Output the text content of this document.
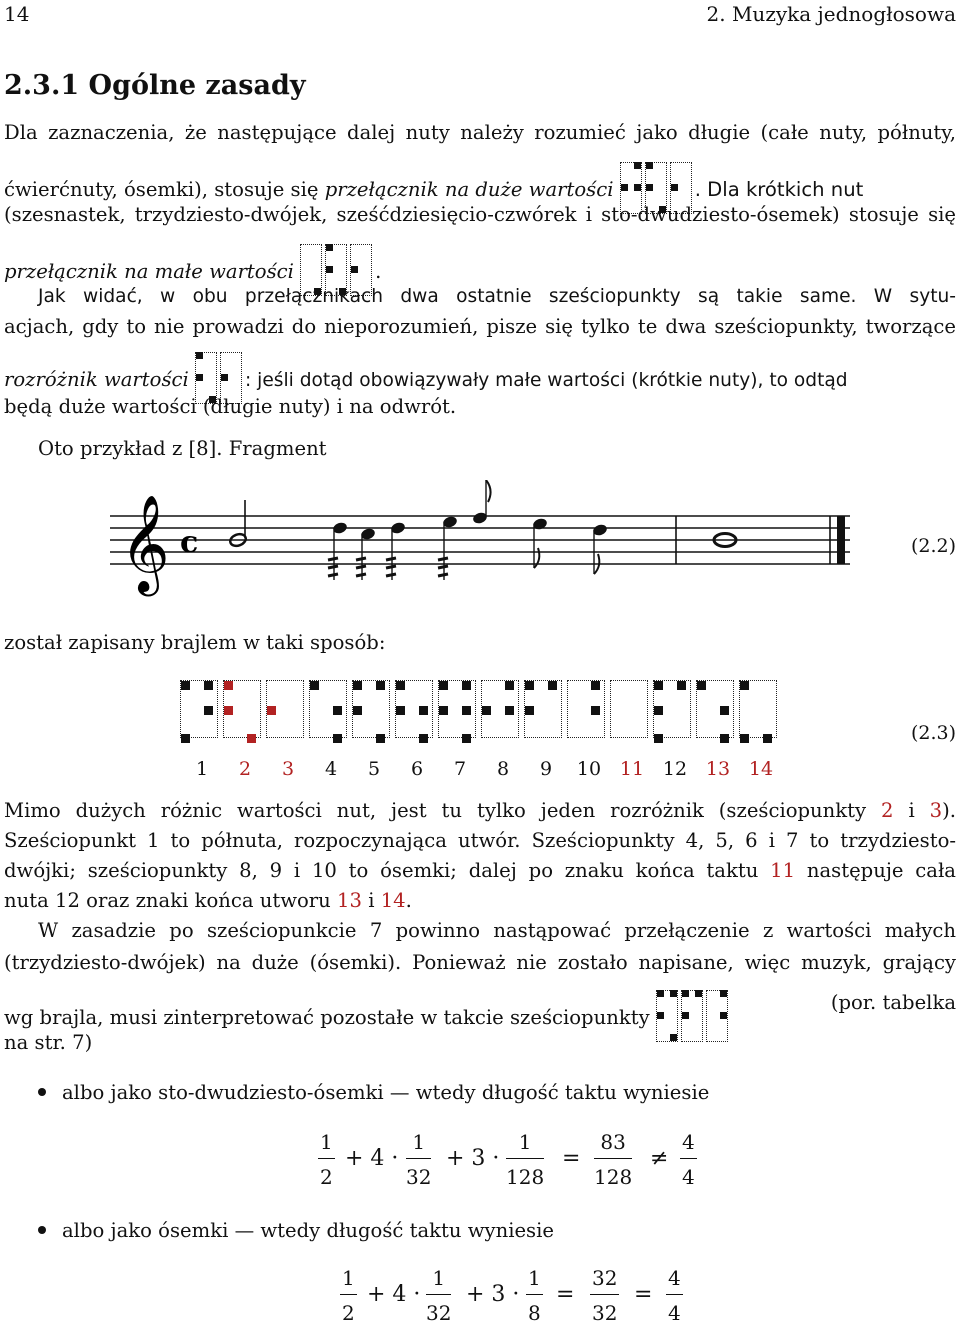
14	2. Muzyka jednogłosowa
2.3.1 Ogólne zasady
Dla zaznaczenia, że następujące dalej nuty należy rozumieć jako długie (całe nuty, półnuty,
ćwierćnuty, ósemki), stosuje się przełącznik na duże wartości	. Dla krótkich nut
(szesnastek, trzydziesto-dwójek, sześćdziesięcio-czwórek i sto-dwudziesto-ósemek) stosuje się
przełącznik na małe wartości	.
Jak widać, w obu przełącznikach dwa ostatnie sześciopunkty są takie same. W sytu-
acjach, gdy to nie prowadzi do nieporozumień, pisze się tylko te dwa sześciopunkty, tworzące
rozróżnik wartości	: jeśli dotąd obowiązywały małe wartości (krótkie nuty), to odtąd
będą duże wartości (długie nuty) i na odwrót.
Oto przykład z [8]. Fragment
𝄞 c	(2.2)
został zapisany brajlem w taki sposób:
(2.3)
1	2	3	4	5	6	7	8	9	10 11 12 13 14
Mimo dużych różnic wartości nut, jest tu tylko jeden rozróżnik (sześciopunkty 2 i 3).
Sześciopunkt 1 to półnuta, rozpoczynająca utwór. Sześciopunkty 4, 5, 6 i 7 to trzydziesto-
dwójki; sześciopunkty 8, 9 i 10 to ósemki; dalej po znaku końca taktu 11 następuje cała
nuta 12 oraz znaki końca utworu 13 i 14.
W zasadzie po sześciopunkcie 7 powinno nastąpować przełączenie z wartości małych
(trzydziesto-dwójek) na duże (ósemki). Ponieważ nie zostało napisane, więc muzyk, grający
wg brajla, musi zinterpretować pozostałe w takcie sześciopunkty
(por. tabelka
na str. 7)
albo jako sto-dwudziesto-ósemki — wtedy długość taktu wyniesie
$\frac{1}{2} + 4 \cdot \frac{1}{32} + 3 \cdot \frac{1}{128} = \frac{83}{128} \ne \frac{4}{4}$
albo jako ósemki — wtedy długość taktu wyniesie
$\frac{1}{2} + 4 \cdot \frac{1}{32} + 3 \cdot \frac{1}{8} = \frac{32}{32} = \frac{4}{4}$
